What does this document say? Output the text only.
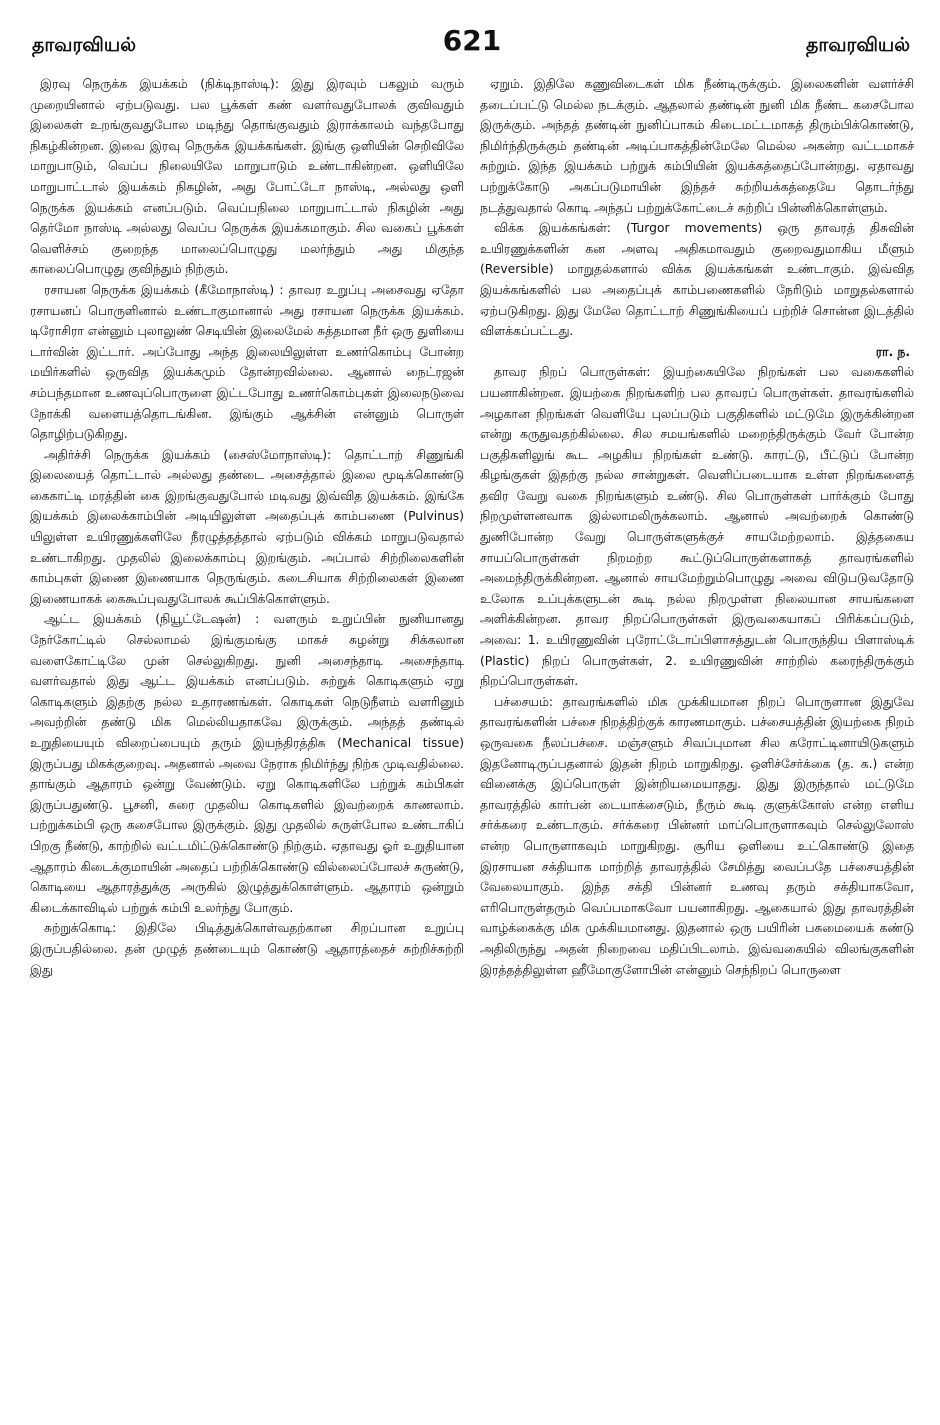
தாவரவியல்	621	தாவரவியல்

இரவு நெருக்க இயக்கம் (நிக்டிநாஸ்டி): இது இரவும் பகலும் வரும் முறையினால் ஏற்படுவது. பல பூக்கள் கண் வளர்வதுபோலக் குவிவதும் இலைகள் உறங்குவதுபோல மடிந்து தொங்குவதும் இராக்காலம் வந்தபோது நிகழ்கின்றன. இவை இரவு நெருக்க இயக்கங்கள். இங்கு ஒளியின் செறிவிலே மாறுபாடும், வெப்ப நிலையிலே மாறுபாடும் உண்டாகின்றன. ஒளியிலே மாறுபாட்டால் இயக்கம் நிகழின், அது போட்டோ நாஸ்டி, அல்லது ஒளி நெருக்க இயக்கம் எனப்படும். வெப்பநிலை மாறுபாட்டால் நிகழின் அது தெர்மோ நாஸ்டி அல்லது வெப்ப நெருக்க இயக்கமாகும். சில வகைப் பூக்கள் வெளிச்சம் குறைந்த மாலைப்பொழுது மலர்ந்தும் அது மிகுந்த காலைப்பொழுது குவிந்தும் நிற்கும்.

ரசாயன நெருக்க இயக்கம் (கீமோநாஸ்டி) : தாவர உறுப்பு அசைவது ஏதோ ரசாயனப் பொருளினால் உண்டாகுமானால் அது ரசாயன நெருக்க இயக்கம். டிரோசிரா என்னும் புலாலுண் செடியின் இலைமேல் சுத்தமான நீர் ஒரு துளியை டார்வின் இட்டார். அப்போது அந்த இலையிலுள்ள உணர்கொம்பு போன்ற மயிர்களில் ஒருவித இயக்கமும் தோன்றவில்லை. ஆனால் நைட்ரஜன் சம்பந்தமான உணவுப்பொருளை இட்டபோது உணர்கொம்புகள் இலைநடுவை நோக்கி வளையத்தொடங்கின. இங்கும் ஆக்சின் என்னும் பொருள் தொழிற்படுகிறது.

அதிர்ச்சி நெருக்க இயக்கம் (சைஸ்மோநாஸ்டி): தொட்டாற் சிணுங்கி இலையைத் தொட்டால் அல்லது தண்டை அசைத்தால் இலை மூடிக்கொண்டு கைகாட்டி மரத்தின் கை இறங்குவதுபோல் மடிவது இவ்வித இயக்கம். இங்கே இயக்கம் இலைக்காம்பின் அடியிலுள்ள அதைப்புக் காம்பணை (Pulvinus) யிலுள்ள உயிரணுக்களிலே நீரழுத்தத்தால் ஏற்படும் விக்கம் மாறுபடுவதால் உண்டாகிறது. முதலில் இலைக்காம்பு இறங்கும். அப்பால் சிற்றிலைகளின் காம்புகள் இணை இணையாக நெருங்கும். கடைசியாக சிற்றிலைகள் இணை இணையாகக் கைகூப்புவதுபோலக் கூப்பிக்கொள்ளும்.

ஆட்ட இயக்கம் (நியூட்டேஷன்) : வளரும் உறுப்பின் நுனியானது நேர்கோட்டில் செல்லாமல் இங்குமங்கு மாகச் சுழன்று சிக்கலான வளைகோட்டிலே முன் செல்லுகிறது. நுனி அசைந்தாடி அசைந்தாடி வளர்வதால் இது ஆட்ட இயக்கம் எனப்படும். சுற்றுக் கொடிகளும் ஏறு கொடிகளும் இதற்கு நல்ல உதாரணங்கள். கொடிகள் நெடுநீளம் வளரினும் அவற்றின் தண்டு மிக மெல்லியதாகவே இருக்கும். அந்தத் தண்டில் உறுதியையும் விறைப்பையும் தரும் இயந்திரத்திசு (Mechanical tissue) இருப்பது மிகக்குறைவு. அதனால் அவை நேராக நிமிர்ந்து நிற்க முடிவதில்லை. தாங்கும் ஆதாரம் ஒன்று வேண்டும். ஏறு கொடிகளிலே பற்றுக் கம்பிகள் இருப்பதுண்டு. பூசனி, சுரை முதலிய கொடிகளில் இவற்றைக் காணலாம். பற்றுக்கம்பி ஒரு கசைபோல இருக்கும். இது முதலில் சுருள்போல உண்டாகிப் பிறகு நீண்டு, காற்றில் வட்டமிட்டுக்கொண்டு நிற்கும். ஏதாவது ஓர் உறுதியான ஆதாரம் கிடைக்குமாயின் அதைப் பற்றிக்கொண்டு வில்லைப்போலச் சுருண்டு, கொடியை ஆதாரத்துக்கு அருகில் இழுத்துக்கொள்ளும். ஆதாரம் ஒன்றும் கிடைக்காவிடில் பற்றுக் கம்பி உலர்ந்து போகும்.

சுற்றுக்கொடி: இதிலே பிடித்துக்கொள்வதற்கான சிறப்பான உறுப்பு இருப்பதில்லை. தன் முழுத் தண்டையும் கொண்டு ஆதாரத்தைச் சுற்றிச்சுற்றி இது

ஏறும். இதிலே கணுவிடைகள் மிக நீண்டிருக்கும். இலைகளின் வளர்ச்சி தடைப்பட்டு மெல்ல நடக்கும். ஆதலால் தண்டின் நுனி மிக நீண்ட கசைபோல இருக்கும். அந்தத் தண்டின் நுனிப்பாகம் கிடைமட்டமாகத் திரும்பிக்கொண்டு, நிமிர்ந்திருக்கும் தண்டின் அடிப்பாகத்தின்மேலே மெல்ல அகன்ற வட்டமாகச் சுற்றும். இந்த இயக்கம் பற்றுக் கம்பியின் இயக்கத்தைப்போன்றது. ஏதாவது பற்றுக்கோடு அகப்படுமாயின் இந்தச் சுற்றியக்கத்தையே தொடர்ந்து நடத்துவதால் கொடி அந்தப் பற்றுக்கோட்டைச் சுற்றிப் பின்னிக்கொள்ளும்.

விக்க இயக்கங்கள்: (Turgor movements) ஒரு தாவரத் திசுவின் உயிரணுக்களின் கன அளவு அதிகமாவதும் குறைவதுமாகிய மீளும் (Reversible) மாறுதல்களால் விக்க இயக்கங்கள் உண்டாகும். இவ்வித இயக்கங்களில் பல அதைப்புக் காம்பணைகளில் நேரிடும் மாறுதல்களால் ஏற்படுகிறது. இது மேலே தொட்டாற் சிணுங்கியைப் பற்றிச் சொன்ன இடத்தில் விளக்கப்பட்டது.

ரா. ந.

தாவர நிறப் பொருள்கள்: இயற்கையிலே நிறங்கள் பல வகைகளில் பயனாகின்றன. இயற்கை நிறங்களிற் பல தாவரப் பொருள்கள். தாவரங்களில் அழகான நிறங்கள் வெளியே புலப்படும் பகுதிகளில் மட்டுமே இருக்கின்றன என்று கருதுவதற்கில்லை. சில சமயங்களில் மறைந்திருக்கும் வேர் போன்ற பகுதிகளிலுங் கூட அழகிய நிறங்கள் உண்டு. காரட்டு, பீட்டுப் போன்ற கிழங்குகள் இதற்கு நல்ல சான்றுகள். வெளிப்படையாக உள்ள நிறங்களைத் தவிர வேறு வகை நிறங்களும் உண்டு. சில பொருள்கள் பார்க்கும் போது நிறமுள்ளனவாக இல்லாமலிருக்கலாம். ஆனால் அவற்றைக் கொண்டு துணிபோன்ற வேறு பொருள்களுக்குச் சாயமேற்றலாம். இத்தகைய சாயப்பொருள்கள் நிறமற்ற கூட்டுப்பொருள்களாகத் தாவரங்களில் அமைந்திருக்கின்றன. ஆனால் சாயமேற்றும்பொழுது அவை விடுபடுவதோடு உலோக உப்புக்களுடன் கூடி நல்ல நிறமுள்ள நிலையான சாயங்களை அளிக்கின்றன. தாவர நிறப்பொருள்கள் இருவகையாகப் பிரிக்கப்படும், அவை: 1. உயிரணுவின் புரோட்டோப்பிளாசத்துடன் பொருந்திய பிளாஸ்டிக் (Plastic) நிறப் பொருள்கள், 2. உயிரணுவின் சாற்றில் கரைந்திருக்கும் நிறப்பொருள்கள்.

பச்சையம்: தாவரங்களில் மிக முக்கியமான நிறப் பொருளான இதுவே தாவரங்களின் பச்சை நிறத்திற்குக் காரணமாகும். பச்சையத்தின் இயற்கை நிறம் ஒருவகை நீலப்பச்சை. மஞ்சளும் சிவப்புமான சில கரோட்டினாயிடுகளும் இதனோடிருப்பதனால் இதன் நிறம் மாறுகிறது. ஒளிச்சேர்க்கை (த. க.) என்ற வினைக்கு இப்பொருள் இன்றியமையாதது. இது இருந்தால் மட்டுமே தாவரத்தில் கார்பன் டையாக்சைடும், நீரும் கூடி குளுக்கோஸ் என்ற எளிய சர்க்கரை உண்டாகும். சர்க்கரை பின்னர் மாப்பொருளாகவும் செல்லுலோஸ் என்ற பொருளாகவும் மாறுகிறது. சூரிய ஒளியை உட்கொண்டு இதை இரசாயன சக்தியாக மாற்றித் தாவரத்தில் சேமித்து வைப்பதே பச்சையத்தின் வேலையாகும். இந்த சக்தி பின்னர் உணவு தரும் சக்தியாகவோ, எரிபொருள்தரும் வெப்பமாகவோ பயனாகிறது. ஆகையால் இது தாவரத்தின் வாழ்க்கைக்கு மிக முக்கியமானது. இதனால் ஒரு பயிரின் பசுமையைக் கண்டு அதிலிருந்து அதன் நிறைவை மதிப்பிடலாம். இவ்வகையில் விலங்குகளின் இரத்தத்திலுள்ள ஹீமோகுளோபின் என்னும் செந்நிறப் பொருளை
